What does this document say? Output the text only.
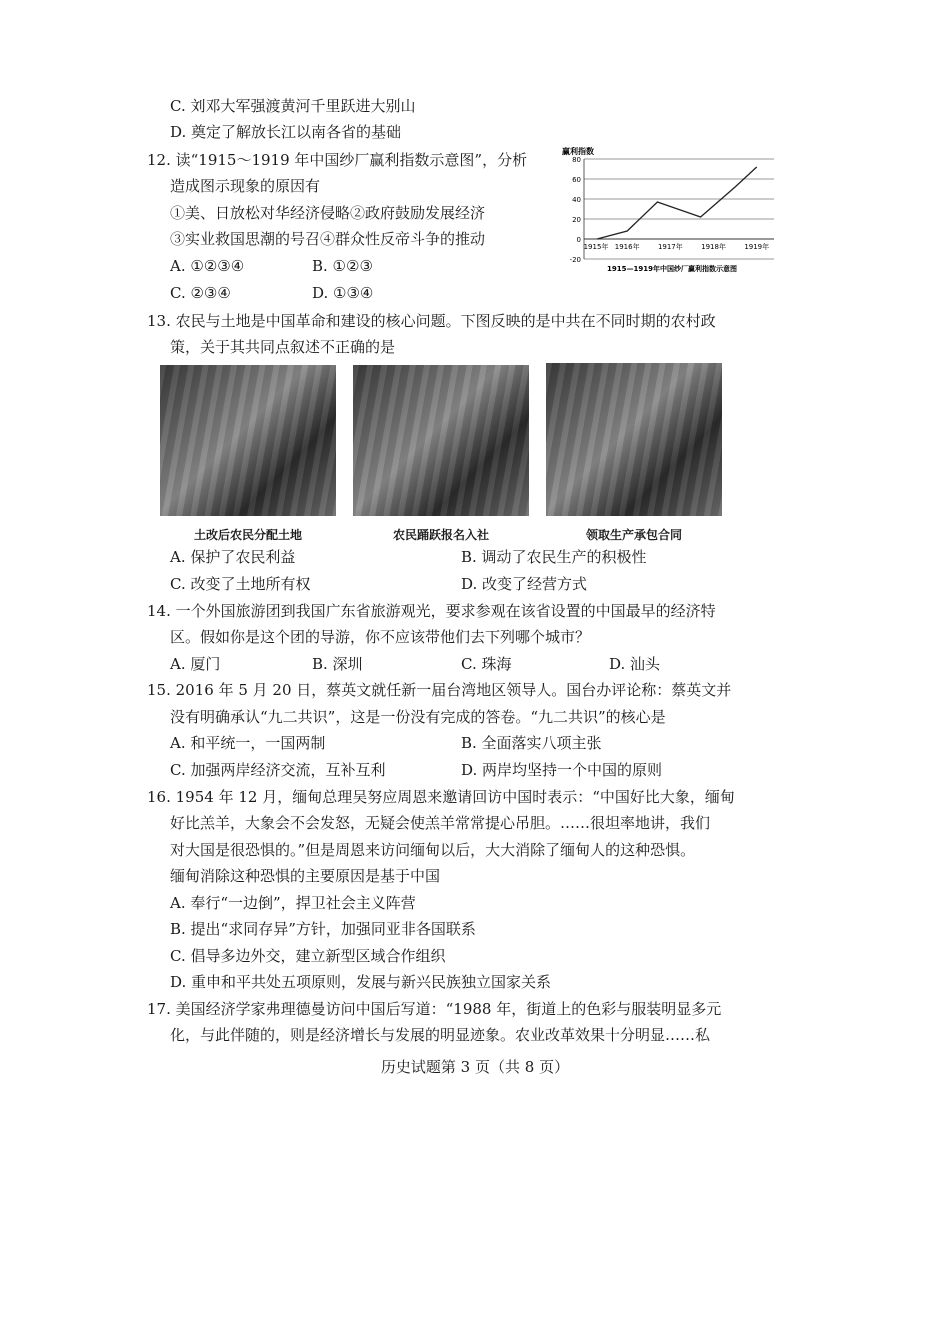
C. 刘邓大军强渡黄河千里跃进大别山
D. 奠定了解放长江以南各省的基础
12. 读“1915～1919 年中国纱厂赢利指数示意图”，分析
造成图示现象的原因有
①美、日放松对华经济侵略②政府鼓励发展经济
③实业救国思潮的号召④群众性反帝斗争的推动
A. ①②③④	B. ①②③
C. ②③④	D. ①③④
-20
0
20
40
60
80
1915年 1916年	1917年	1918年	1919年
赢利指数
1915—1919年中国纱厂赢利指数示意图
13. 农民与土地是中国革命和建设的核心问题。下图反映的是中共在不同时期的农村政
策，关于其共同点叙述不正确的是
土改后农民分配土地	农民踊跃报名入社	领取生产承包合同
A. 保护了农民利益	B. 调动了农民生产的积极性
C. 改变了土地所有权	D. 改变了经营方式
14. 一个外国旅游团到我国广东省旅游观光，要求参观在该省设置的中国最早的经济特
区。假如你是这个团的导游，你不应该带他们去下列哪个城市？
A. 厦门	B. 深圳	C. 珠海	D. 汕头
15. 2016 年 5 月 20 日，蔡英文就任新一届台湾地区领导人。国台办评论称：蔡英文并
没有明确承认“九二共识”，这是一份没有完成的答卷。“九二共识”的核心是
A. 和平统一，一国两制	B. 全面落实八项主张
C. 加强两岸经济交流，互补互利	D. 两岸均坚持一个中国的原则
16. 1954 年 12 月，缅甸总理吴努应周恩来邀请回访中国时表示：“中国好比大象，缅甸
好比羔羊，大象会不会发怒，无疑会使羔羊常常提心吊胆。……很坦率地讲，我们
对大国是很恐惧的。”但是周恩来访问缅甸以后，大大消除了缅甸人的这种恐惧。
缅甸消除这种恐惧的主要原因是基于中国
A. 奉行“一边倒”，捍卫社会主义阵营
B. 提出“求同存异”方针，加强同亚非各国联系
C. 倡导多边外交，建立新型区域合作组织
D. 重申和平共处五项原则，发展与新兴民族独立国家关系
17. 美国经济学家弗理德曼访问中国后写道：“1988 年，街道上的色彩与服装明显多元
化，与此伴随的，则是经济增长与发展的明显迹象。农业改革效果十分明显……私
历史试题第 3 页（共 8 页）
